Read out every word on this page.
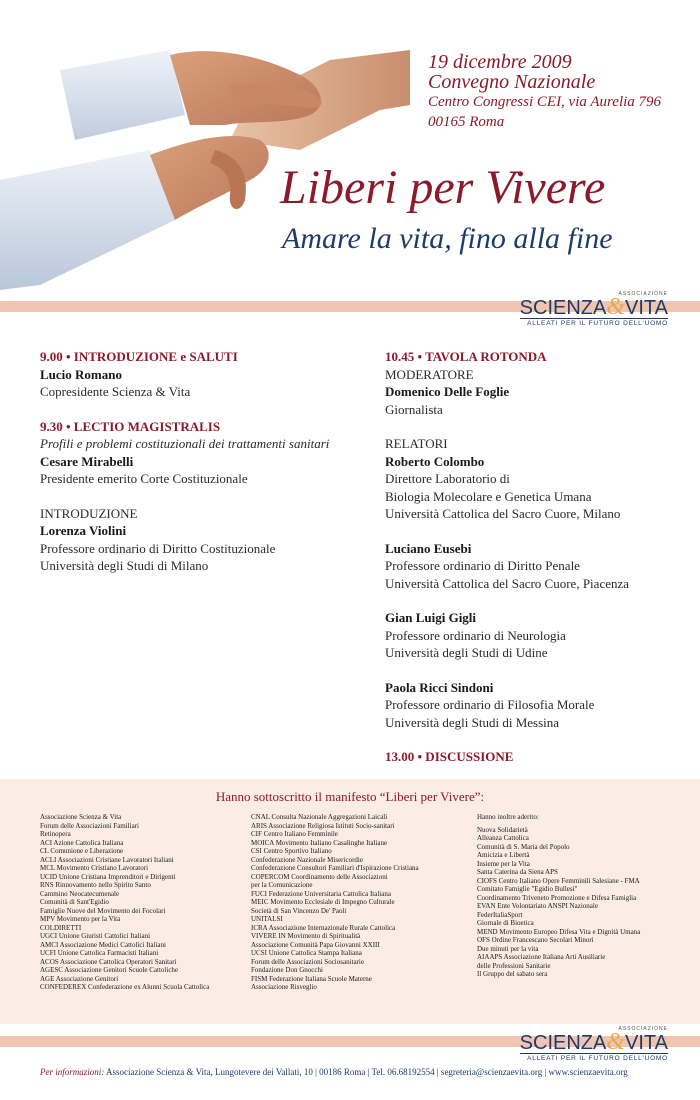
19 dicembre 2009
Convegno Nazionale
Centro Congressi CEI, via Aurelia 796
00165 Roma
Liberi per Vivere
Amare la vita, fino alla fine
ASSOCIAZIONE
SCIENZA&VITA
ALLEATI PER IL FUTURO DELL'UOMO
9.00 • INTRODUZIONE e SALUTI
Lucio Romano
Copresidente Scienza & Vita
9.30 • LECTIO MAGISTRALIS
Profili e problemi costituzionali dei trattamenti sanitari
Cesare Mirabelli
Presidente emerito Corte Costituzionale
INTRODUZIONE
Lorenza Violini
Professore ordinario di Diritto Costituzionale
Università degli Studi di Milano
10.45 • TAVOLA ROTONDA
MODERATORE
Domenico Delle Foglie
Giornalista
RELATORI
Roberto Colombo
Direttore Laboratorio di
Biologia Molecolare e Genetica Umana
Università Cattolica del Sacro Cuore, Milano
Luciano Eusebi
Professore ordinario di Diritto Penale
Università Cattolica del Sacro Cuore, Piacenza
Gian Luigi Gigli
Professore ordinario di Neurologia
Università degli Studi di Udine
Paola Ricci Sindoni
Professore ordinario di Filosofia Morale
Università degli Studi di Messina
13.00 • DISCUSSIONE
Hanno sottoscritto il manifesto “Liberi per Vivere”:
Associazione Scienza & Vita
Forum delle Associazioni Familiari
Retinopera
ACI Azione Cattolica Italiana
CL Comunione e Liberazione
ACLI Associazioni Cristiane Lavoratori Italiani
MCL Movimento Cristiano Lavoratori
UCID Unione Cristiana Imprenditori e Dirigenti
RNS Rinnovamento nello Spirito Santo
Cammino Neocatecumenale
Comunità di Sant'Egidio
Famiglie Nuove del Movimento dei Focolari
MPV Movimento per la Vita
COLDIRETTI
UGCI Unione Giuristi Cattolici Italiani
AMCI Associazione Medici Cattolici Italiani
UCFI Unione Cattolica Farmacisti Italiani
ACOS Associazione Cattolica Operatori Sanitari
AGESC Associazione Genitori Scuole Cattoliche
AGE Associazione Genitori
CONFEDEREX Confederazione ex Alunni Scuola Cattolica
CNAL Consulta Nazionale Aggregazioni Laicali
ARIS Associazione Religiosa Istituti Socio-sanitari
CIF Centro Italiano Femminile
MOICA Movimento Italiano Casalinghe Italiane
CSI Centro Sportivo Italiano
Confederazione Nazionale Misericordie
Confederazione Consultori Familiari d'Ispirazione Cristiana
COPERCOM Coordinamento delle Associazioni
per la Comunicazione
FUCI Federazione Universitaria Cattolica Italiana
MEIC Movimento Ecclesiale di Impegno Culturale
Società di San Vincenzo De' Paoli
UNITALSI
ICRA Associazione Internazionale Rurale Cattolica
VIVERE IN Movimento di Spiritualità
Associazione Comunità Papa Giovanni XXIII
UCSI Unione Cattolica Stampa Italiana
Forum delle Associazioni Sociosanitarie
Fondazione Don Gnocchi
FISM Federazione Italiana Scuole Materne
Associazione Risveglio
Hanno inoltre aderito:
Nuova Solidarietà
Alleanza Cattolica
Comunità di S. Maria del Popolo
Amicizia e Libertà
Insieme per la Vita
Santa Caterina da Siena APS
CIOFS Centro Italiano Opere Femminili Salesiane - FMA
Comitato Famiglie "Egidio Bullesi"
Coordinamento Triveneto Promozione e Difesa Famiglia
EVAN Ente Volontariato ANSPI Nazionale
FederItaliaSport
Giornale di Bioetica
MEND Movimento Europeo Difesa Vita e Dignità Umana
OFS Ordine Francescano Secolari Minori
Due minuti per la vita
AIAAPS Associazione Italiana Arti Ausiliarie
delle Professioni Sanitarie
Il Gruppo del sabato sera
ASSOCIAZIONE
SCIENZA&VITA
ALLEATI PER IL FUTURO DELL'UOMO
Per informazioni: Associazione Scienza & Vita, Lungotevere dei Vallati, 10 | 00186 Roma | Tel. 06.68192554 | segreteria@scienzaevita.org | www.scienzaevita.org
